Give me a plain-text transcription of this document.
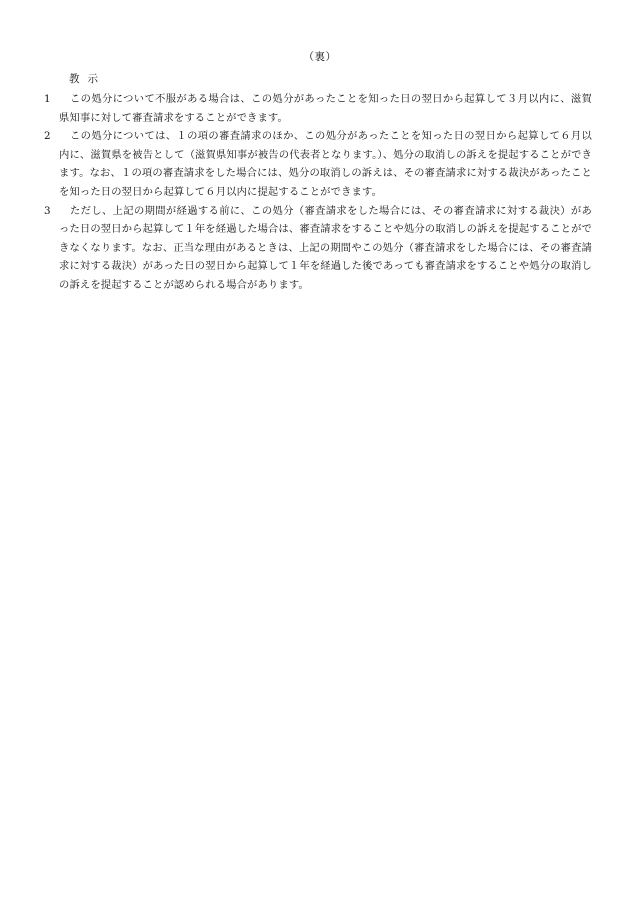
（裏）
教示
1	この処分について不服がある場合は、この処分があったことを知った日の翌日から起算して３月以内に、滋賀県知事に対して審査請求をすることができます。
2	この処分については、１の項の審査請求のほか、この処分があったことを知った日の翌日から起算して６月以内に、滋賀県を被告として（滋賀県知事が被告の代表者となります。）、処分の取消しの訴えを提起することができます。なお、１の項の審査請求をした場合には、処分の取消しの訴えは、その審査請求に対する裁決があったことを知った日の翌日から起算して６月以内に提起することができます。
3	ただし、上記の期間が経過する前に、この処分（審査請求をした場合には、その審査請求に対する裁決）があった日の翌日から起算して１年を経過した場合は、審査請求をすることや処分の取消しの訴えを提起することができなくなります。なお、正当な理由があるときは、上記の期間やこの処分（審査請求をした場合には、その審査請求に対する裁決）があった日の翌日から起算して１年を経過した後であっても審査請求をすることや処分の取消しの訴えを提起することが認められる場合があります。
